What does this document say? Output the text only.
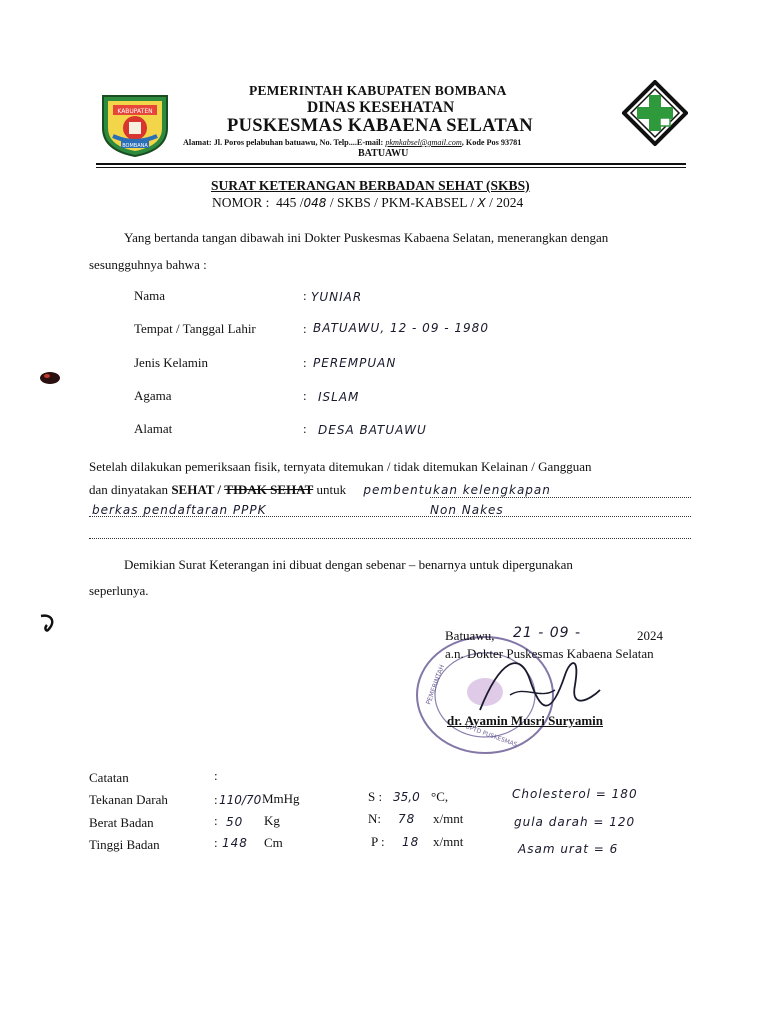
KABUPATEN
BOMBANA
PEMERINTAH KABUPATEN BOMBANA
DINAS KESEHATAN
PUSKESMAS KABAENA SELATAN
Alamat: Jl. Poros pelabuhan batuawu, No. Telp....E-mail: pkmkabsel@gmail.com, Kode Pos 93781
BATUAWU
SURAT KETERANGAN BERBADAN SEHAT (SKBS)
NOMOR : 445 /048 / SKBS / PKM-KABSEL / X / 2024
Yang bertanda tangan dibawah ini Dokter Puskesmas Kabaena Selatan, menerangkan dengan
sesungguhnya bahwa :
Nama	: YUNIAR
Tempat / Tanggal Lahir	: BATUAWU, 12 - 09 - 1980
Jenis Kelamin	: PEREMPUAN
Agama	: ISLAM
Alamat	: DESA BATUAWU
Setelah dilakukan pemeriksaan fisik, ternyata ditemukan / tidak ditemukan Kelainan / Gangguan
dan dinyatakan SEHAT / TIDAK SEHAT untuk pembentukan kelengkapan
berkas pendaftaran PPPK	Non Nakes
Demikian Surat Keterangan ini dibuat dengan sebenar – benarnya untuk dipergunakan
seperlunya.
PEMERINTAH
UPTD PUSKESMAS
Batuawu, 21 - 09 -	2024
a.n. Dokter Puskesmas Kabaena Selatan
dr. Ayamin Musri Suryamin
Catatan	:
Tekanan Darah	: 110/70 MmHg
Berat Badan	: 50 Kg
Tinggi Badan	: 148 Cm
S : 35,0 °C,
N: 78 x/mnt
P : 18 x/mnt
Cholesterol = 180
gula darah = 120
Asam urat = 6
